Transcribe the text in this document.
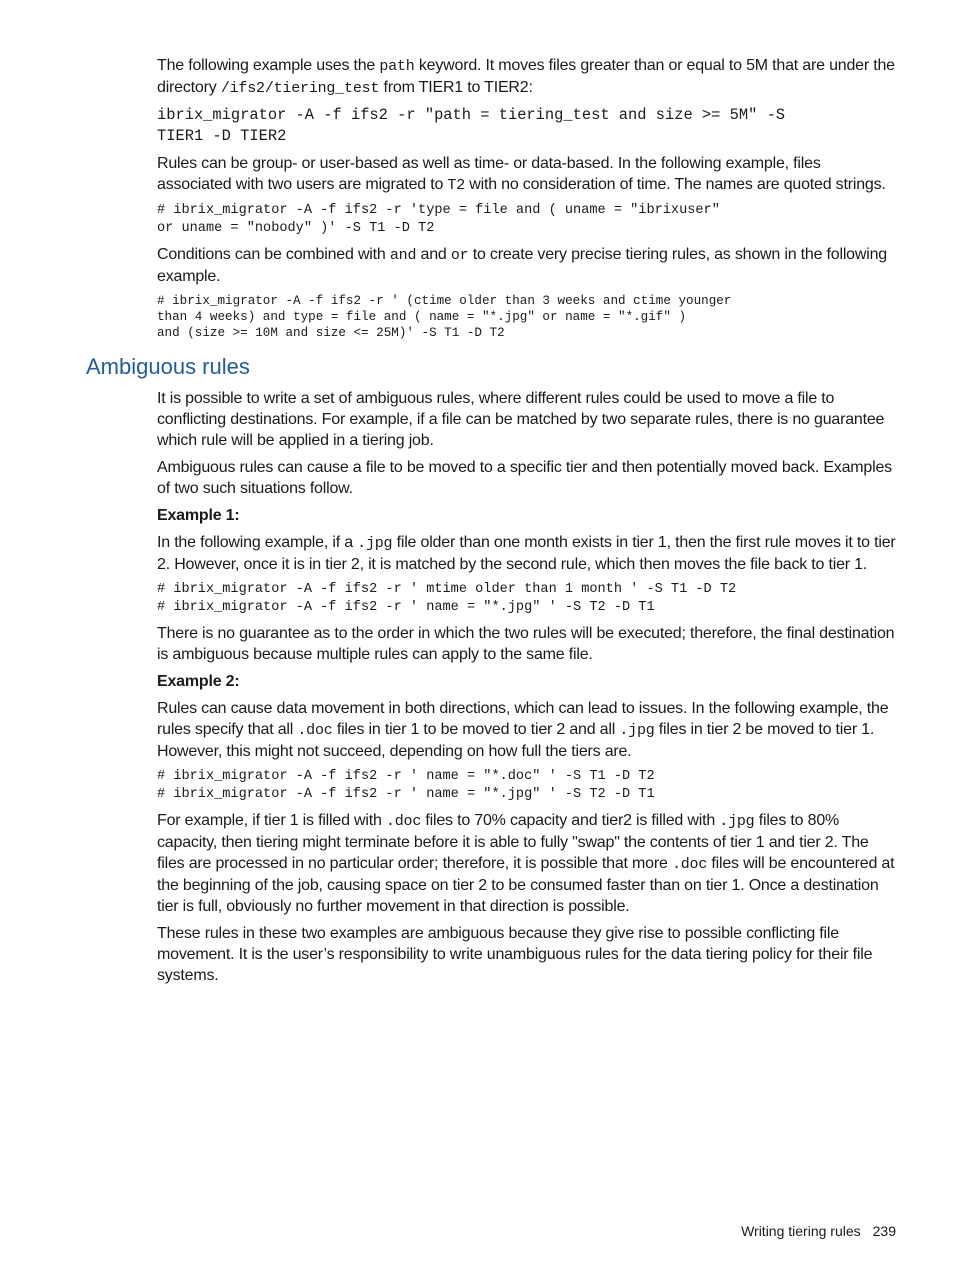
The following example uses the path keyword. It moves files greater than or equal to 5M that are under the directory /ifs2/tiering_test from TIER1 to TIER2:

ibrix_migrator -A -f ifs2 -r "path = tiering_test and size >= 5M" -S
TIER1 -D TIER2

Rules can be group- or user-based as well as time- or data-based. In the following example, files associated with two users are migrated to T2 with no consideration of time. The names are quoted strings.

# ibrix_migrator -A -f ifs2 -r 'type = file and ( uname = "ibrixuser"
or uname = "nobody" )' -S T1 -D T2

Conditions can be combined with and and or to create very precise tiering rules, as shown in the following example.

# ibrix_migrator -A -f ifs2 -r ' (ctime older than 3 weeks and ctime younger
than 4 weeks) and type = file and ( name = "*.jpg" or name = "*.gif" )
and (size >= 10M and size <= 25M)' -S T1 -D T2
Ambiguous rules

It is possible to write a set of ambiguous rules, where different rules could be used to move a file to conflicting destinations. For example, if a file can be matched by two separate rules, there is no guarantee which rule will be applied in a tiering job.

Ambiguous rules can cause a file to be moved to a specific tier and then potentially moved back. Examples of two such situations follow.

Example 1:

In the following example, if a .jpg file older than one month exists in tier 1, then the first rule moves it to tier 2. However, once it is in tier 2, it is matched by the second rule, which then moves the file back to tier 1.

# ibrix_migrator -A -f ifs2 -r ' mtime older than 1 month ' -S T1 -D T2
# ibrix_migrator -A -f ifs2 -r ' name = "*.jpg" ' -S T2 -D T1

There is no guarantee as to the order in which the two rules will be executed; therefore, the final destination is ambiguous because multiple rules can apply to the same file.

Example 2:

Rules can cause data movement in both directions, which can lead to issues. In the following example, the rules specify that all .doc files in tier 1 to be moved to tier 2 and all .jpg files in tier 2 be moved to tier 1. However, this might not succeed, depending on how full the tiers are.

# ibrix_migrator -A -f ifs2 -r ' name = "*.doc" ' -S T1 -D T2
# ibrix_migrator -A -f ifs2 -r ' name = "*.jpg" ' -S T2 -D T1

For example, if tier 1 is filled with .doc files to 70% capacity and tier2 is filled with .jpg files to 80% capacity, then tiering might terminate before it is able to fully "swap" the contents of tier 1 and tier 2. The files are processed in no particular order; therefore, it is possible that more .doc files will be encountered at the beginning of the job, causing space on tier 2 to be consumed faster than on tier 1. Once a destination tier is full, obviously no further movement in that direction is possible.

These rules in these two examples are ambiguous because they give rise to possible conflicting file movement. It is the user’s responsibility to write unambiguous rules for the data tiering policy for their file systems.

Writing tiering rules 239
